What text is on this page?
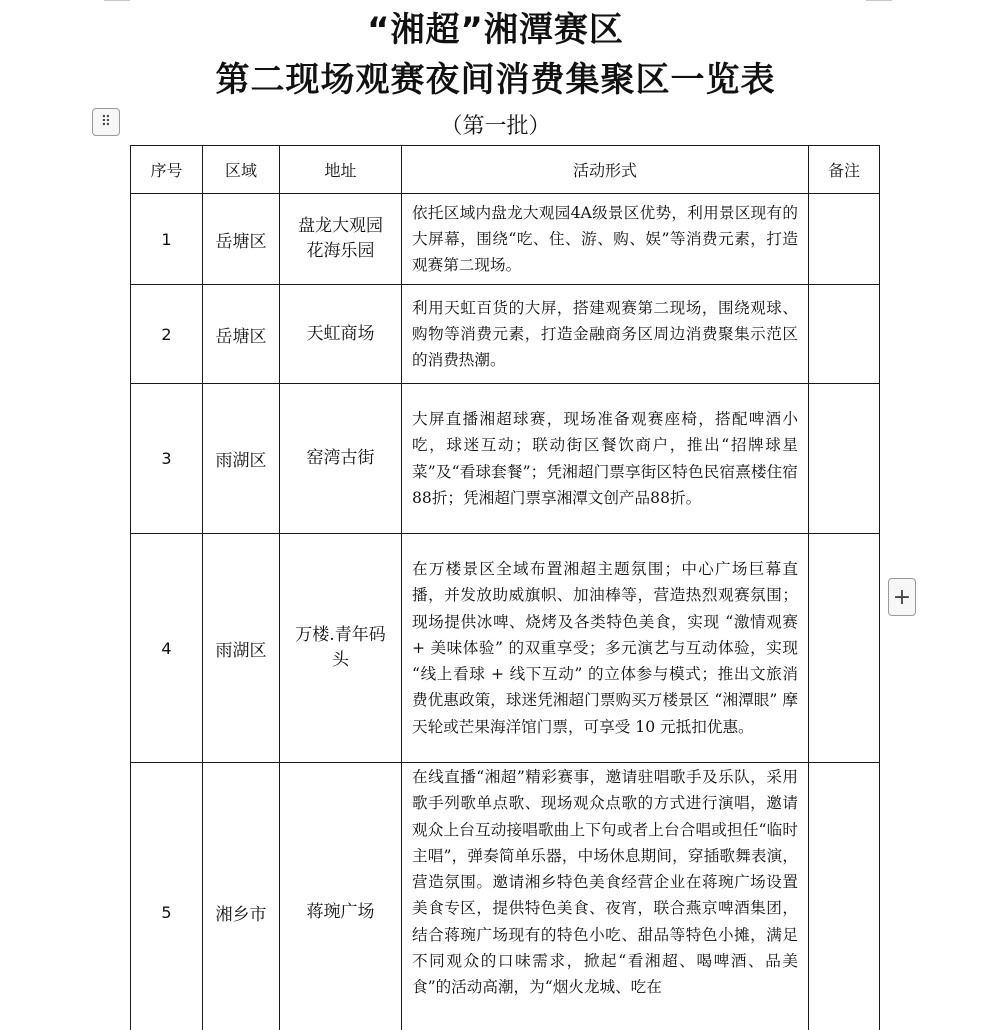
“湘超”湘潭赛区
第二现场观赛夜间消费集聚区一览表
⠿	（第一批）
序号	区域	地址	活动形式	备注
1	岳塘区	盘龙大观园花海乐园	依托区域内盘龙大观园4A级景区优势，利用景区现有的大屏幕，围绕“吃、住、游、购、娱”等消费元素，打造观赛第二现场。	
2	岳塘区	天虹商场	利用天虹百货的大屏，搭建观赛第二现场，围绕观球、购物等消费元素，打造金融商务区周边消费聚集示范区的消费热潮。	
3	雨湖区	窑湾古街	大屏直播湘超球赛，现场准备观赛座椅，搭配啤酒小吃，球迷互动；联动街区餐饮商户，推出“招牌球星菜”及“看球套餐”；凭湘超门票享街区特色民宿熹楼住宿88折；凭湘超门票享湘潭文创产品88折。	
4	雨湖区	万楼.青年码头	在万楼景区全域布置湘超主题氛围；中心广场巨幕直播，并发放助威旗帜、加油棒等，营造热烈观赛氛围；现场提供冰啤、烧烤及各类特色美食，实现 “激情观赛 + 美味体验” 的双重享受；多元演艺与互动体验，实现 “线上看球 + 线下互动” 的立体参与模式；推出文旅消费优惠政策，球迷凭湘超门票购买万楼景区 “湘潭眼” 摩天轮或芒果海洋馆门票，可享受 10 元抵扣优惠。	
5	湘乡市	蒋琬广场	在线直播“湘超”精彩赛事，邀请驻唱歌手及乐队，采用歌手列歌单点歌、现场观众点歌的方式进行演唱，邀请观众上台互动接唱歌曲上下句或者上台合唱或担任“临时主唱”，弹奏简单乐器，中场休息期间，穿插歌舞表演，营造氛围。邀请湘乡特色美食经营企业在蒋琬广场设置美食专区，提供特色美食、夜宵，联合燕京啤酒集团，结合蒋琬广场现有的特色小吃、甜品等特色小摊，满足不同观众的口味需求，掀起“看湘超、喝啤酒、品美食”的活动高潮，为“烟火龙城、吃在	
+
